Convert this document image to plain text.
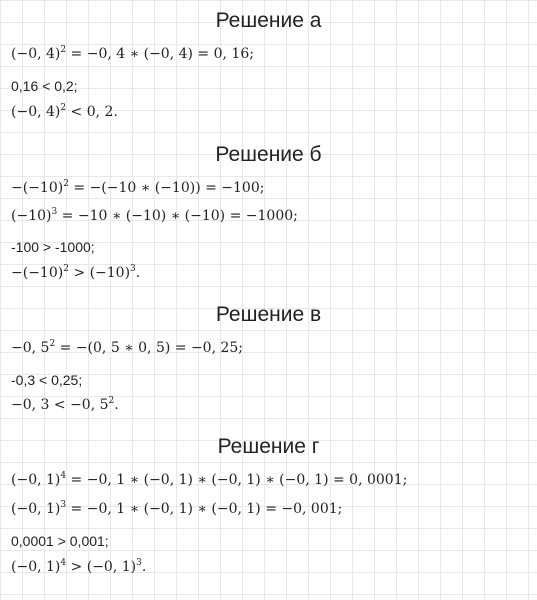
Решение а
(−0, 4)$^2$ = −0, 4 ∗ (−0, 4) = 0, 16;
0,16 < 0,2;
(−0, 4)$^2$ < 0, 2.
Решение б
$-(-10)^2 = -(-10$ ∗ (−10)) = −100;
$(-10)^3 = -10$ ∗ (−10) ∗ (−10) = −1000;
-100 > -1000;
$-(-10)^2 > (-10)^3$.
Решение в
−0, $5^2 = -(0$, 5 ∗ 0, 5) = −0, 25;
-0,3 < 0,25;
−0, 3 < −0, $5^2$.
Решение г
(−0, 1)$^4$ = −0, 1 ∗ (−0, 1) ∗ (−0, 1) ∗ (−0, 1) = 0, 0001;
(−0, 1)$^3$ = −0, 1 ∗ (−0, 1) ∗ (−0, 1) = −0, 001;
0,0001 > 0,001;
(−0, 1)$^4$ > (−0, 1)$^3$.
